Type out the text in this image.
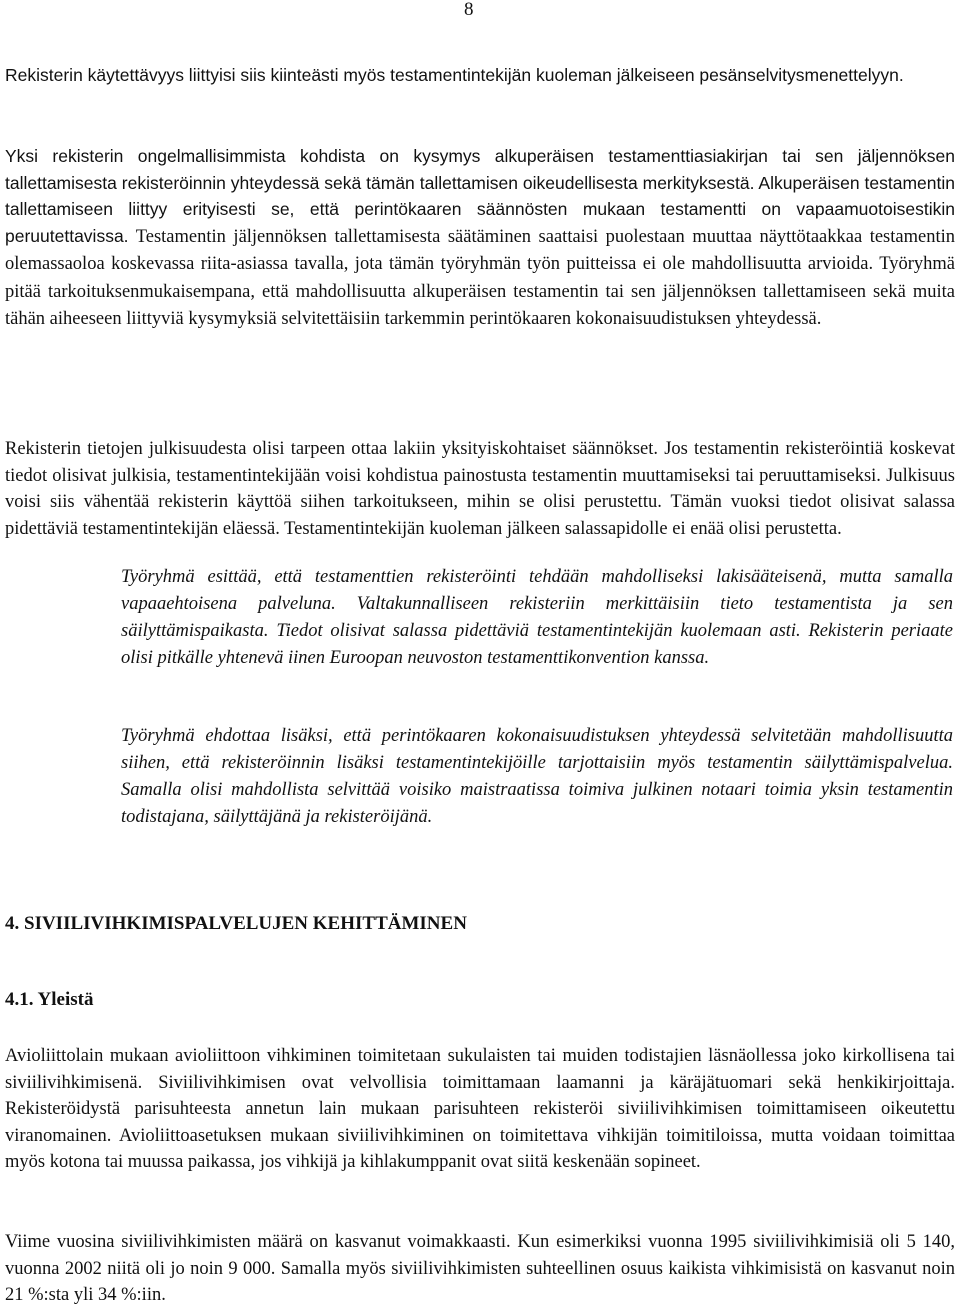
8

Rekisterin käytettävyys liittyisi siis kiinteästi myös testamentintekijän kuoleman jälkeiseen pesänselvitysmenettelyyn.

Yksi rekisterin ongelmallisimmista kohdista on kysymys alkuperäisen testamenttiasiakirjan tai sen jäljennöksen tallettamisesta rekisteröinnin yhteydessä sekä tämän tallettamisen oikeudellisesta merkityksestä. Alkuperäisen testamentin tallettamiseen liittyy erityisesti se, että perintökaaren säännösten mukaan testamentti on vapaamuotoisestikin peruutettavissa. Testamentin jäljennöksen tallettamisesta säätäminen saattaisi puolestaan muuttaa näyttötaakkaa testamentin olemassaoloa koskevassa riita-asiassa tavalla, jota tämän työryhmän työn puitteissa ei ole mahdollisuutta arvioida. Työryhmä pitää tarkoituksenmukaisempana, että mahdollisuutta alkuperäisen testamentin tai sen jäljennöksen tallettamiseen sekä muita tähän aiheeseen liittyviä kysymyksiä selvitettäisiin tarkemmin perintökaaren kokonaisuudistuksen yhteydessä.

Rekisterin tietojen julkisuudesta olisi tarpeen ottaa lakiin yksityiskohtaiset säännökset. Jos testamentin rekisteröintiä koskevat tiedot olisivat julkisia, testamentintekijään voisi kohdistua painostusta testamentin muuttamiseksi tai peruuttamiseksi. Julkisuus voisi siis vähentää rekisterin käyttöä siihen tarkoitukseen, mihin se olisi perustettu. Tämän vuoksi tiedot olisivat salassa pidettäviä testamentintekijän eläessä. Testamentintekijän kuoleman jälkeen salassapidolle ei enää olisi perustetta.

Työryhmä esittää, että testamenttien rekisteröinti tehdään mahdolliseksi lakisääteisenä, mutta samalla vapaaehtoisena palveluna. Valtakunnalliseen rekisteriin merkittäisiin tieto testamentista ja sen säilyttämispaikasta. Tiedot olisivat salassa pidettäviä testamentintekijän kuolemaan asti. Rekisterin periaate olisi pitkälle yhtenevä iinen Euroopan neuvoston testamenttikonvention kanssa.

Työryhmä ehdottaa lisäksi, että perintökaaren kokonaisuudistuksen yhteydessä selvitetään mahdollisuutta siihen, että rekisteröinnin lisäksi testamentintekijöille tarjottaisiin myös testamentin säilyttämispalvelua. Samalla olisi mahdollista selvittää voisiko maistraatissa toimiva julkinen notaari toimia yksin testamentin todistajana, säilyttäjänä ja rekisteröijänä.

4. SIVIILIVIHKIMISPALVELUJEN KEHITTÄMINEN
4.1. Yleistä

Avioliittolain mukaan avioliittoon vihkiminen toimitetaan sukulaisten tai muiden todistajien läsnäollessa joko kirkollisena tai siviilivihkimisenä. Siviilivihkimisen ovat velvollisia toimittamaan laamanni ja käräjätuomari sekä henkikirjoittaja. Rekisteröidystä parisuhteesta annetun lain mukaan parisuhteen rekisteröi siviilivihkimisen toimittamiseen oikeutettu viranomainen. Avioliittoasetuksen mukaan siviilivihkiminen on toimitettava vihkijän toimitiloissa, mutta voidaan toimittaa myös kotona tai muussa paikassa, jos vihkijä ja kihlakumppanit ovat siitä keskenään sopineet.

Viime vuosina siviilivihkimisten määrä on kasvanut voimakkaasti. Kun esimerkiksi vuonna 1995 siviilivihkimisiä oli 5 140, vuonna 2002 niitä oli jo noin 9 000. Samalla myös siviilivihkimisten suhteellinen osuus kaikista vihkimisistä on kasvanut noin 21 %:sta yli 34 %:iin.
